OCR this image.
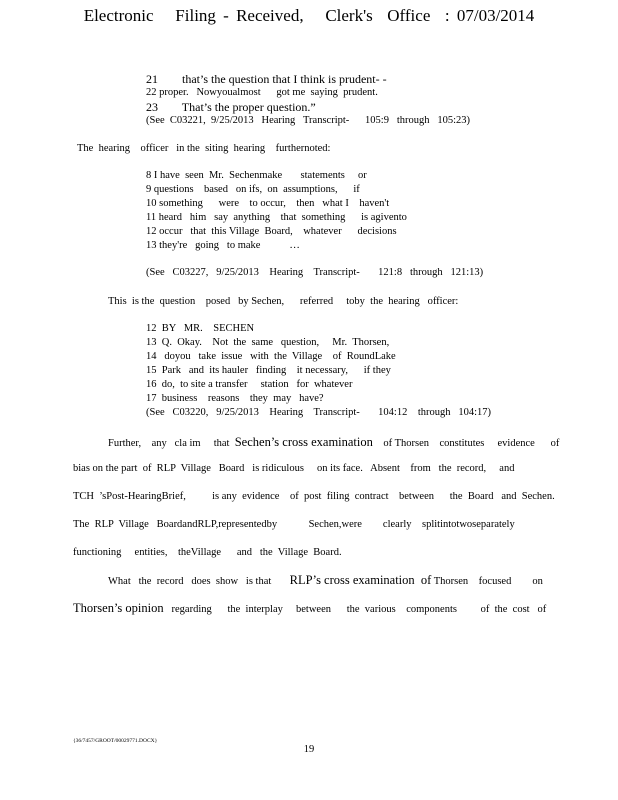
Electronic   Filing - Received,   Clerk's  Office  : 07/03/2014
21        that’s the question that I think is prudent- -
22 proper.   Nowyoualmost      got me  saying  prudent.
23        That’s the proper question.”
(See  C03221,  9/25/2013   Hearing   Transcript-      105:9   through   105:23)
The  hearing    officer   in the  siting  hearing    furthernoted:
8 I have  seen  Mr.  Sechenmake       statements     or
9 questions    based   on ifs,  on  assumptions,      if
10 something      were    to occur,    then   what I    haven't
11 heard   him   say  anything    that  something      is agivento
12 occur   that  this Village  Board,    whatever      decisions
13 they're   going   to make           …
(See   C03227,   9/25/2013    Hearing    Transcript-       121:8   through   121:13)
This  is the  question    posed   by Sechen,      referred     toby  the  hearing   officer:
12  BY   MR.    SECHEN
13  Q.  Okay.    Not  the  same   question,     Mr.  Thorsen,
14   doyou   take  issue   with  the  Village    of  RoundLake
15  Park   and  its hauler   finding    it necessary,      if they
16  do,  to site a transfer     station   for  whatever
17  business    reasons    they  may   have?
(See   C03220,   9/25/2013    Hearing    Transcript-       104:12    through   104:17)
Further,    any   cla im     that  Sechen’s cross examination    of Thorsen    constitutes     evidence      of
bias on the part  of  RLP  Village   Board   is ridiculous     on its face.   Absent    from   the  record,     and
TCH  ’sPost-HearingBrief,          is any  evidence    of  post  filing  contract    between      the  Board   and  Sechen.
The  RLP  Village   BoardandRLP,representedby            Sechen,were        clearly    splitintotwoseparately
functioning     entities,    theVillage      and   the  Village  Board.
What   the  record   does  show   is that       RLP’s cross examination  of Thorsen    focused        on
Thorsen’s opinion   regarding      the  interplay     between      the  various    components         of  the  cost   of
{36/7457/GROOT/00029771.DOCX}
19
